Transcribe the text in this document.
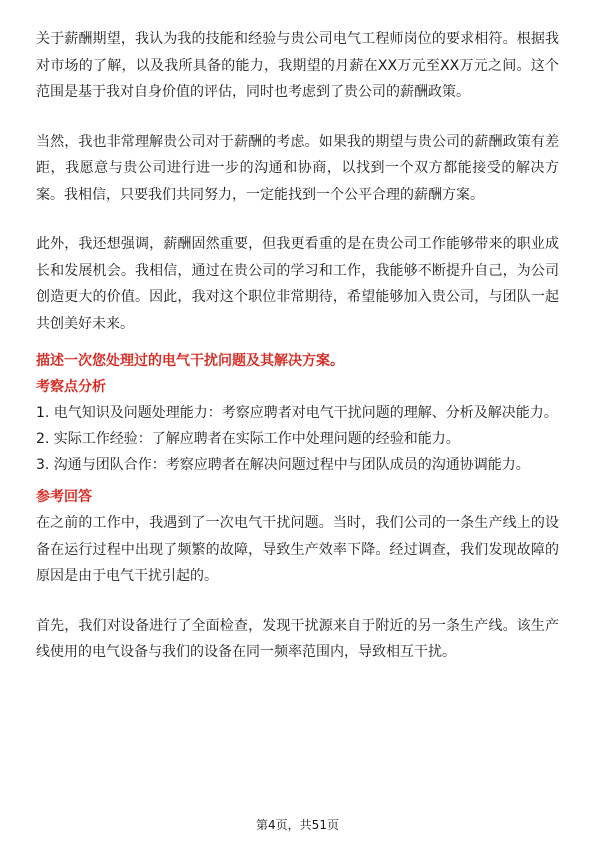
关于薪酬期望，我认为我的技能和经验与贵公司电气工程师岗位的要求相符。根据我对市场的了解，以及我所具备的能力，我期望的月薪在XX万元至XX万元之间。这个范围是基于我对自身价值的评估，同时也考虑到了贵公司的薪酬政策。

当然，我也非常理解贵公司对于薪酬的考虑。如果我的期望与贵公司的薪酬政策有差距，我愿意与贵公司进行进一步的沟通和协商，以找到一个双方都能接受的解决方案。我相信，只要我们共同努力，一定能找到一个公平合理的薪酬方案。

此外，我还想强调，薪酬固然重要，但我更看重的是在贵公司工作能够带来的职业成长和发展机会。我相信，通过在贵公司的学习和工作，我能够不断提升自己，为公司创造更大的价值。因此，我对这个职位非常期待，希望能够加入贵公司，与团队一起共创美好未来。

描述一次您处理过的电气干扰问题及其解决方案。
考察点分析

1. 电气知识及问题处理能力：考察应聘者对电气干扰问题的理解、分析及解决能力。

2. 实际工作经验：了解应聘者在实际工作中处理问题的经验和能力。

3. 沟通与团队合作：考察应聘者在解决问题过程中与团队成员的沟通协调能力。

参考回答

在之前的工作中，我遇到了一次电气干扰问题。当时，我们公司的一条生产线上的设备在运行过程中出现了频繁的故障，导致生产效率下降。经过调查，我们发现故障的原因是由于电气干扰引起的。

首先，我们对设备进行了全面检查，发现干扰源来自于附近的另一条生产线。该生产线使用的电气设备与我们的设备在同一频率范围内，导致相互干扰。

第4页，共51页
